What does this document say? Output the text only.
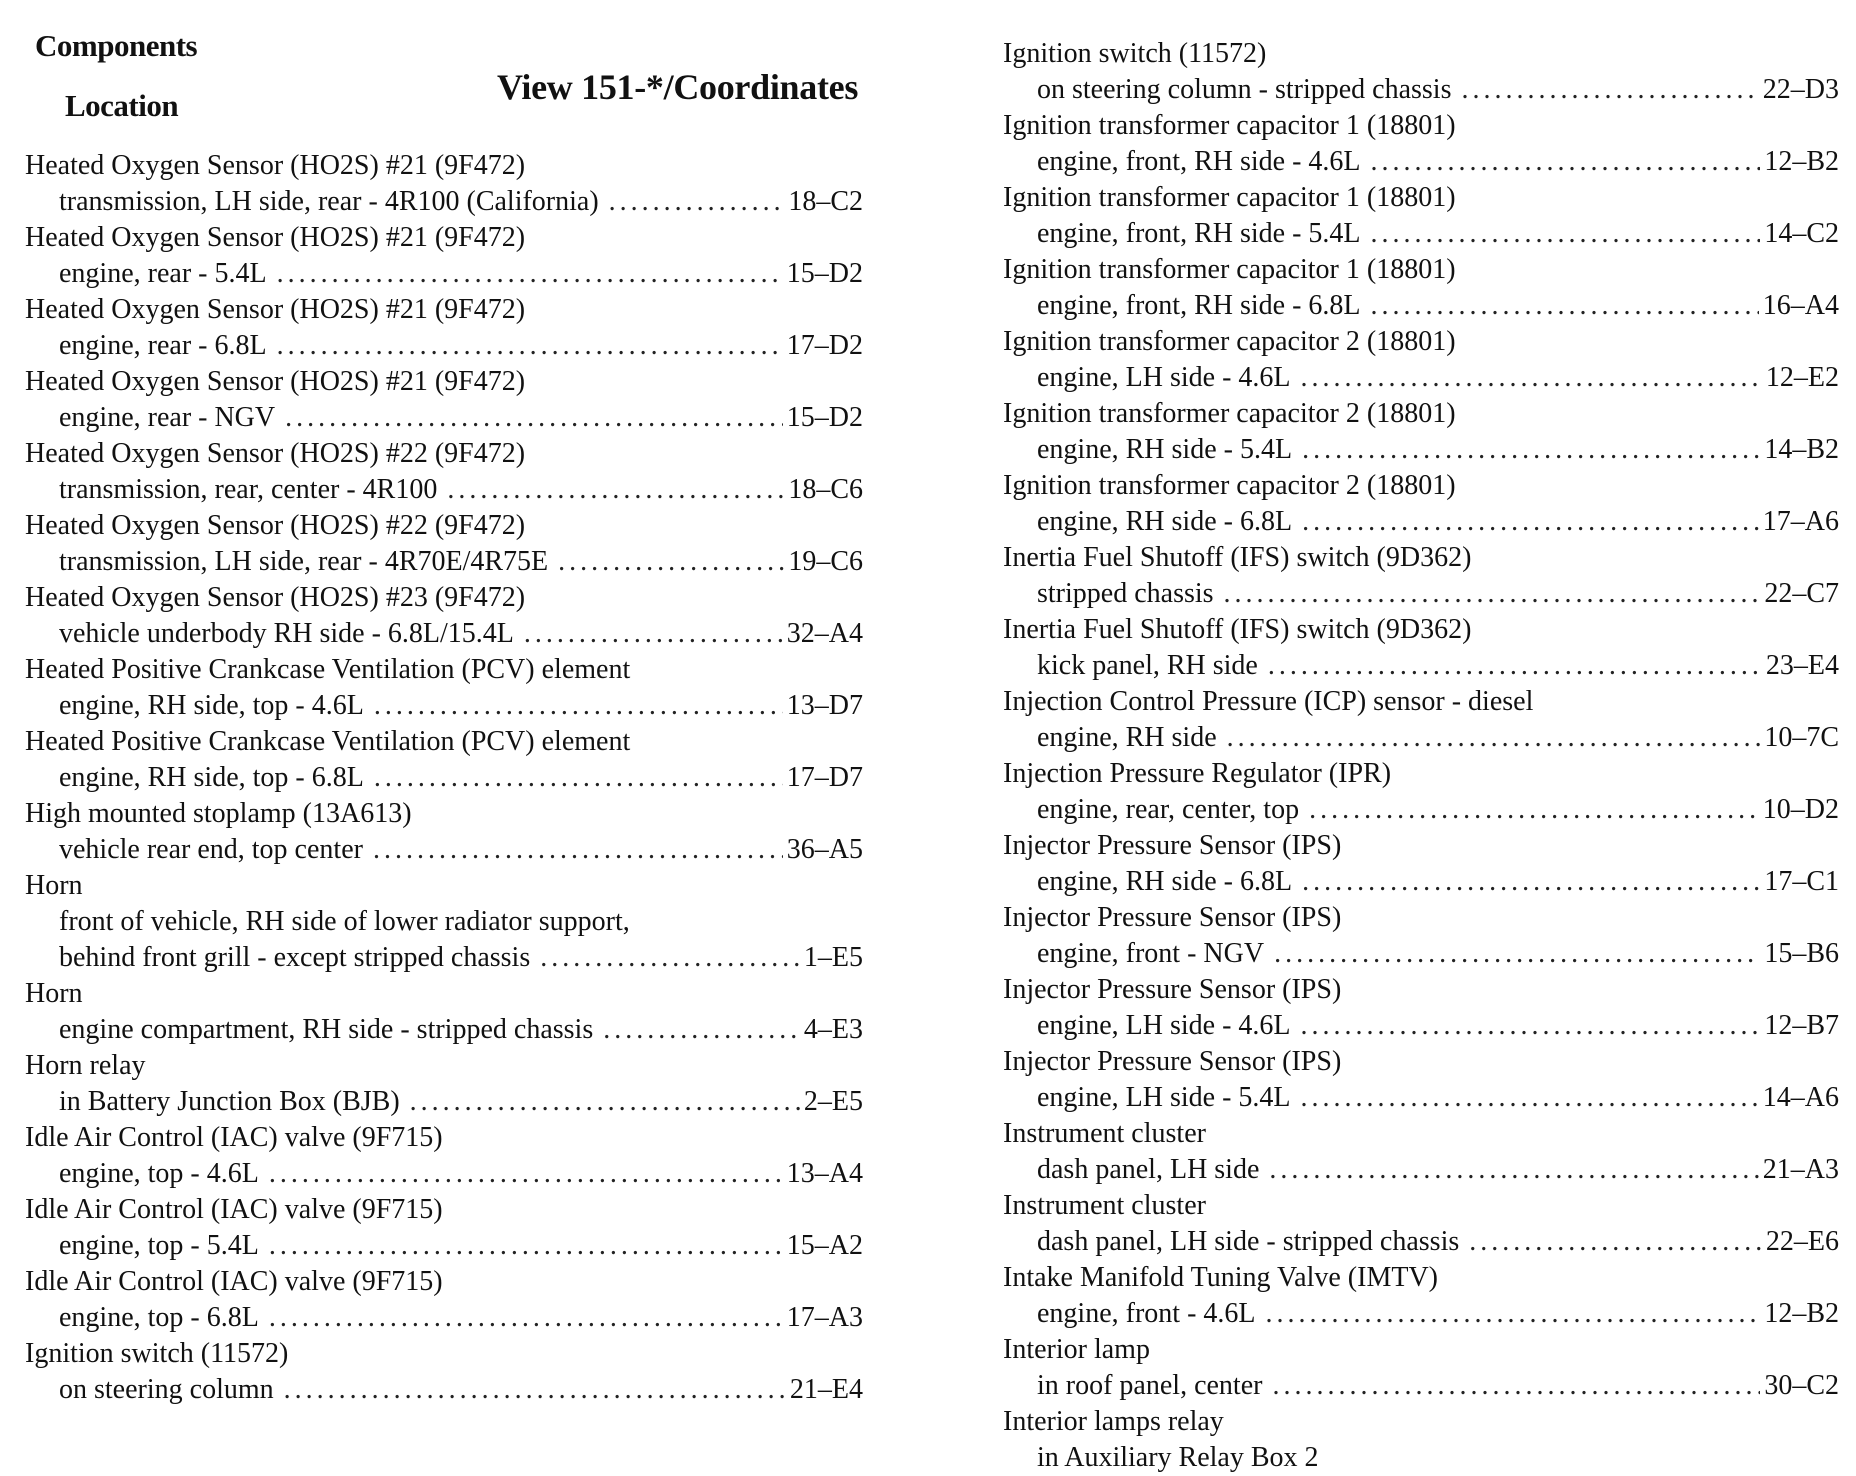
Components
Location	View 151-*/Coordinates
Heated Oxygen Sensor (HO2S) #21 (9F472)
transmission, LH side, rear - 4R100 (California) .....	18–C2
Heated Oxygen Sensor (HO2S) #21 (9F472)
engine, rear - 5.4L .....	15–D2
Heated Oxygen Sensor (HO2S) #21 (9F472)
engine, rear - 6.8L .....	17–D2
Heated Oxygen Sensor (HO2S) #21 (9F472)
engine, rear - NGV .....	15–D2
Heated Oxygen Sensor (HO2S) #22 (9F472)
transmission, rear, center - 4R100 .....	18–C6
Heated Oxygen Sensor (HO2S) #22 (9F472)
transmission, LH side, rear - 4R70E/4R75E .....	19–C6
Heated Oxygen Sensor (HO2S) #23 (9F472)
vehicle underbody RH side - 6.8L/15.4L .....	32–A4
Heated Positive Crankcase Ventilation (PCV) element
engine, RH side, top - 4.6L .....	13–D7
Heated Positive Crankcase Ventilation (PCV) element
engine, RH side, top - 6.8L .....	17–D7
High mounted stoplamp (13A613)
vehicle rear end, top center .....	36–A5
Horn
front of vehicle, RH side of lower radiator support,
behind front grill - except stripped chassis .....	1–E5
Horn
engine compartment, RH side - stripped chassis .....	4–E3
Horn relay
in Battery Junction Box (BJB) .....	2–E5
Idle Air Control (IAC) valve (9F715)
engine, top - 4.6L .....	13–A4
Idle Air Control (IAC) valve (9F715)
engine, top - 5.4L .....	15–A2
Idle Air Control (IAC) valve (9F715)
engine, top - 6.8L .....	17–A3
Ignition switch (11572)
on steering column .....	21–E4
Ignition switch (11572)
on steering column - stripped chassis .....	22–D3
Ignition transformer capacitor 1 (18801)
engine, front, RH side - 4.6L .....	12–B2
Ignition transformer capacitor 1 (18801)
engine, front, RH side - 5.4L .....	14–C2
Ignition transformer capacitor 1 (18801)
engine, front, RH side - 6.8L .....	16–A4
Ignition transformer capacitor 2 (18801)
engine, LH side - 4.6L .....	12–E2
Ignition transformer capacitor 2 (18801)
engine, RH side - 5.4L .....	14–B2
Ignition transformer capacitor 2 (18801)
engine, RH side - 6.8L .....	17–A6
Inertia Fuel Shutoff (IFS) switch (9D362)
stripped chassis .....	22–C7
Inertia Fuel Shutoff (IFS) switch (9D362)
kick panel, RH side .....	23–E4
Injection Control Pressure (ICP) sensor - diesel
engine, RH side .....	10–7C
Injection Pressure Regulator (IPR)
engine, rear, center, top .....	10–D2
Injector Pressure Sensor (IPS)
engine, RH side - 6.8L .....	17–C1
Injector Pressure Sensor (IPS)
engine, front - NGV .....	15–B6
Injector Pressure Sensor (IPS)
engine, LH side - 4.6L .....	12–B7
Injector Pressure Sensor (IPS)
engine, LH side - 5.4L .....	14–A6
Instrument cluster
dash panel, LH side .....	21–A3
Instrument cluster
dash panel, LH side - stripped chassis .....	22–E6
Intake Manifold Tuning Valve (IMTV)
engine, front - 4.6L .....	12–B2
Interior lamp
in roof panel, center .....	30–C2
Interior lamps relay
in Auxiliary Relay Box 2
